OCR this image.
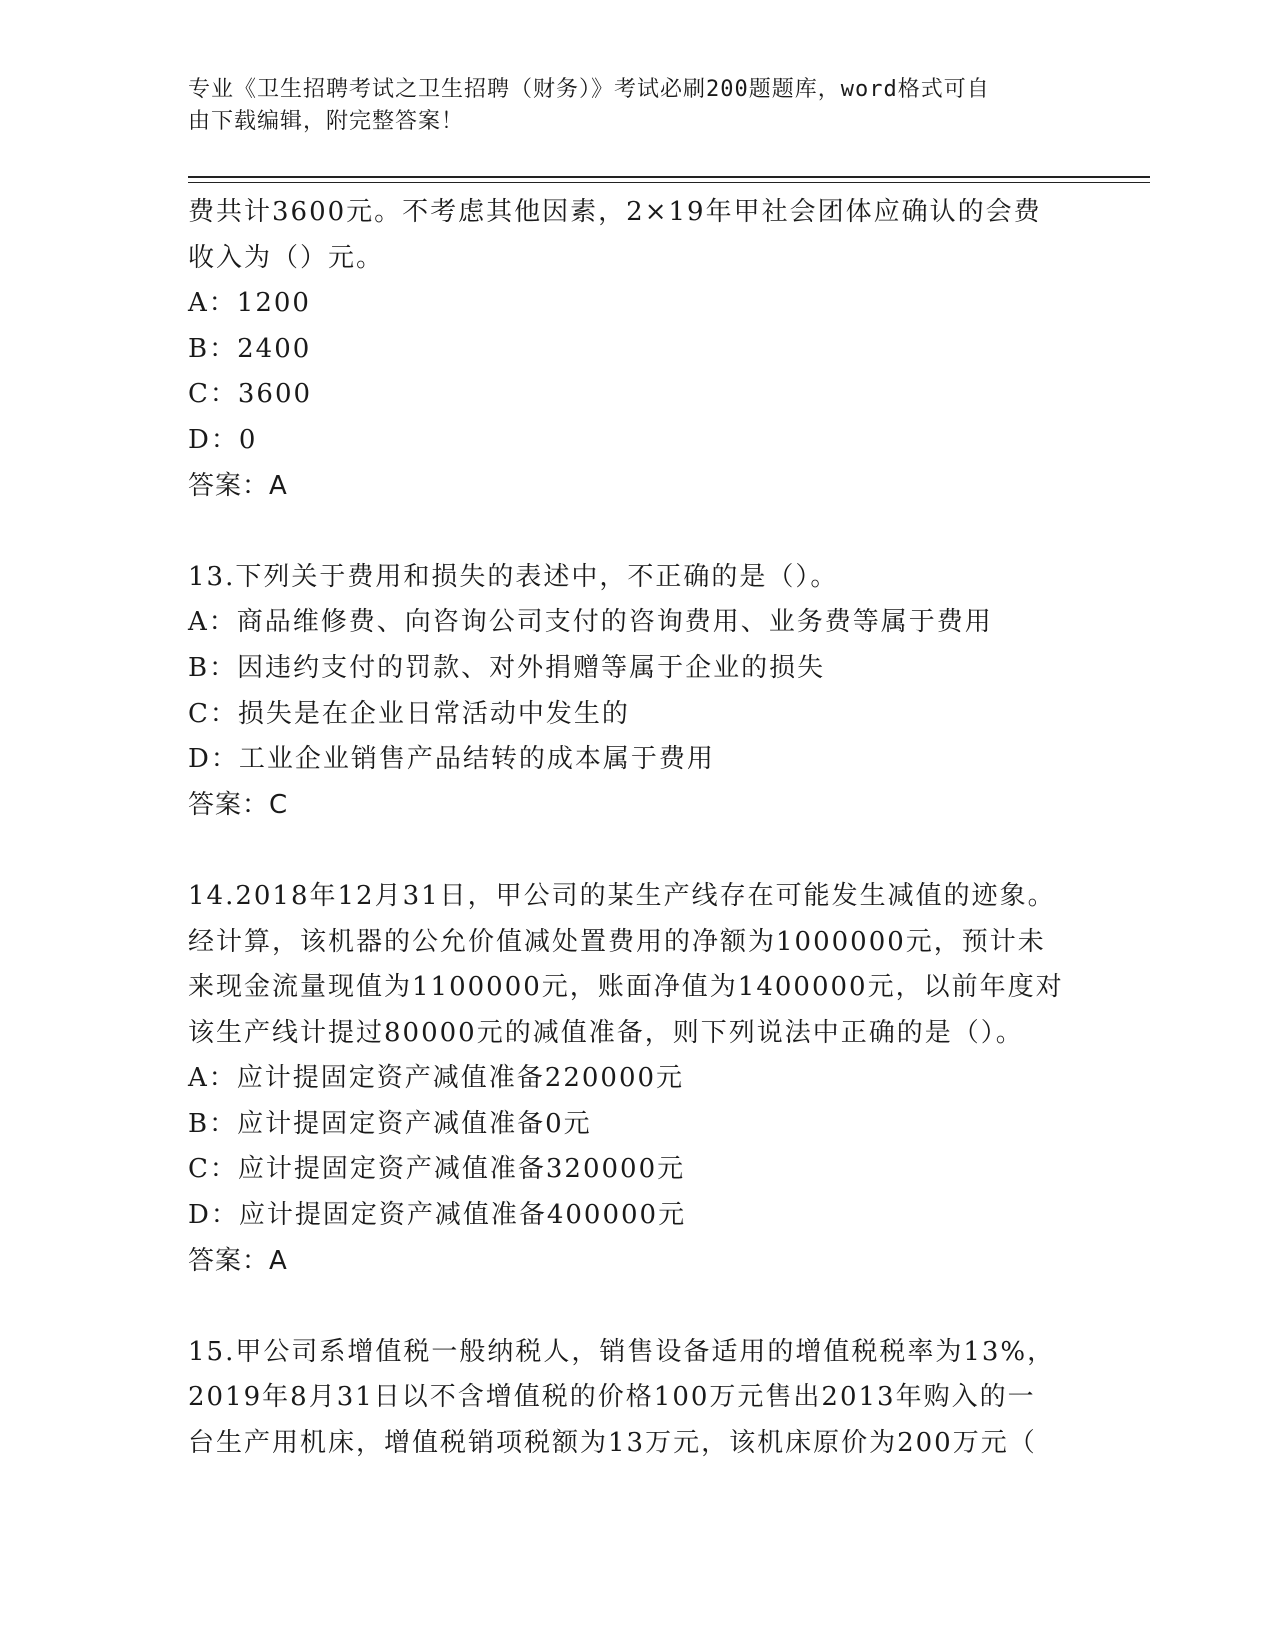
专业《卫生招聘考试之卫生招聘（财务）》考试必刷200题题库，word格式可自
由下载编辑，附完整答案！
费共计3600元。不考虑其他因素，2×19年甲社会团体应确认的会费
收入为（）元。
A：1200
B：2400
C：3600
D：0
答案：A
13.下列关于费用和损失的表述中，不正确的是（）。
A：商品维修费、向咨询公司支付的咨询费用、业务费等属于费用
B：因违约支付的罚款、对外捐赠等属于企业的损失
C：损失是在企业日常活动中发生的
D：工业企业销售产品结转的成本属于费用
答案：C
14.2018年12月31日，甲公司的某生产线存在可能发生减值的迹象。
经计算，该机器的公允价值减处置费用的净额为1000000元，预计未
来现金流量现值为1100000元，账面净值为1400000元，以前年度对
该生产线计提过80000元的减值准备，则下列说法中正确的是（）。
A：应计提固定资产减值准备220000元
B：应计提固定资产减值准备0元
C：应计提固定资产减值准备320000元
D：应计提固定资产减值准备400000元
答案：A
15.甲公司系增值税一般纳税人，销售设备适用的增值税税率为13%，
2019年8月31日以不含增值税的价格100万元售出2013年购入的一
台生产用机床，增值税销项税额为13万元，该机床原价为200万元（
